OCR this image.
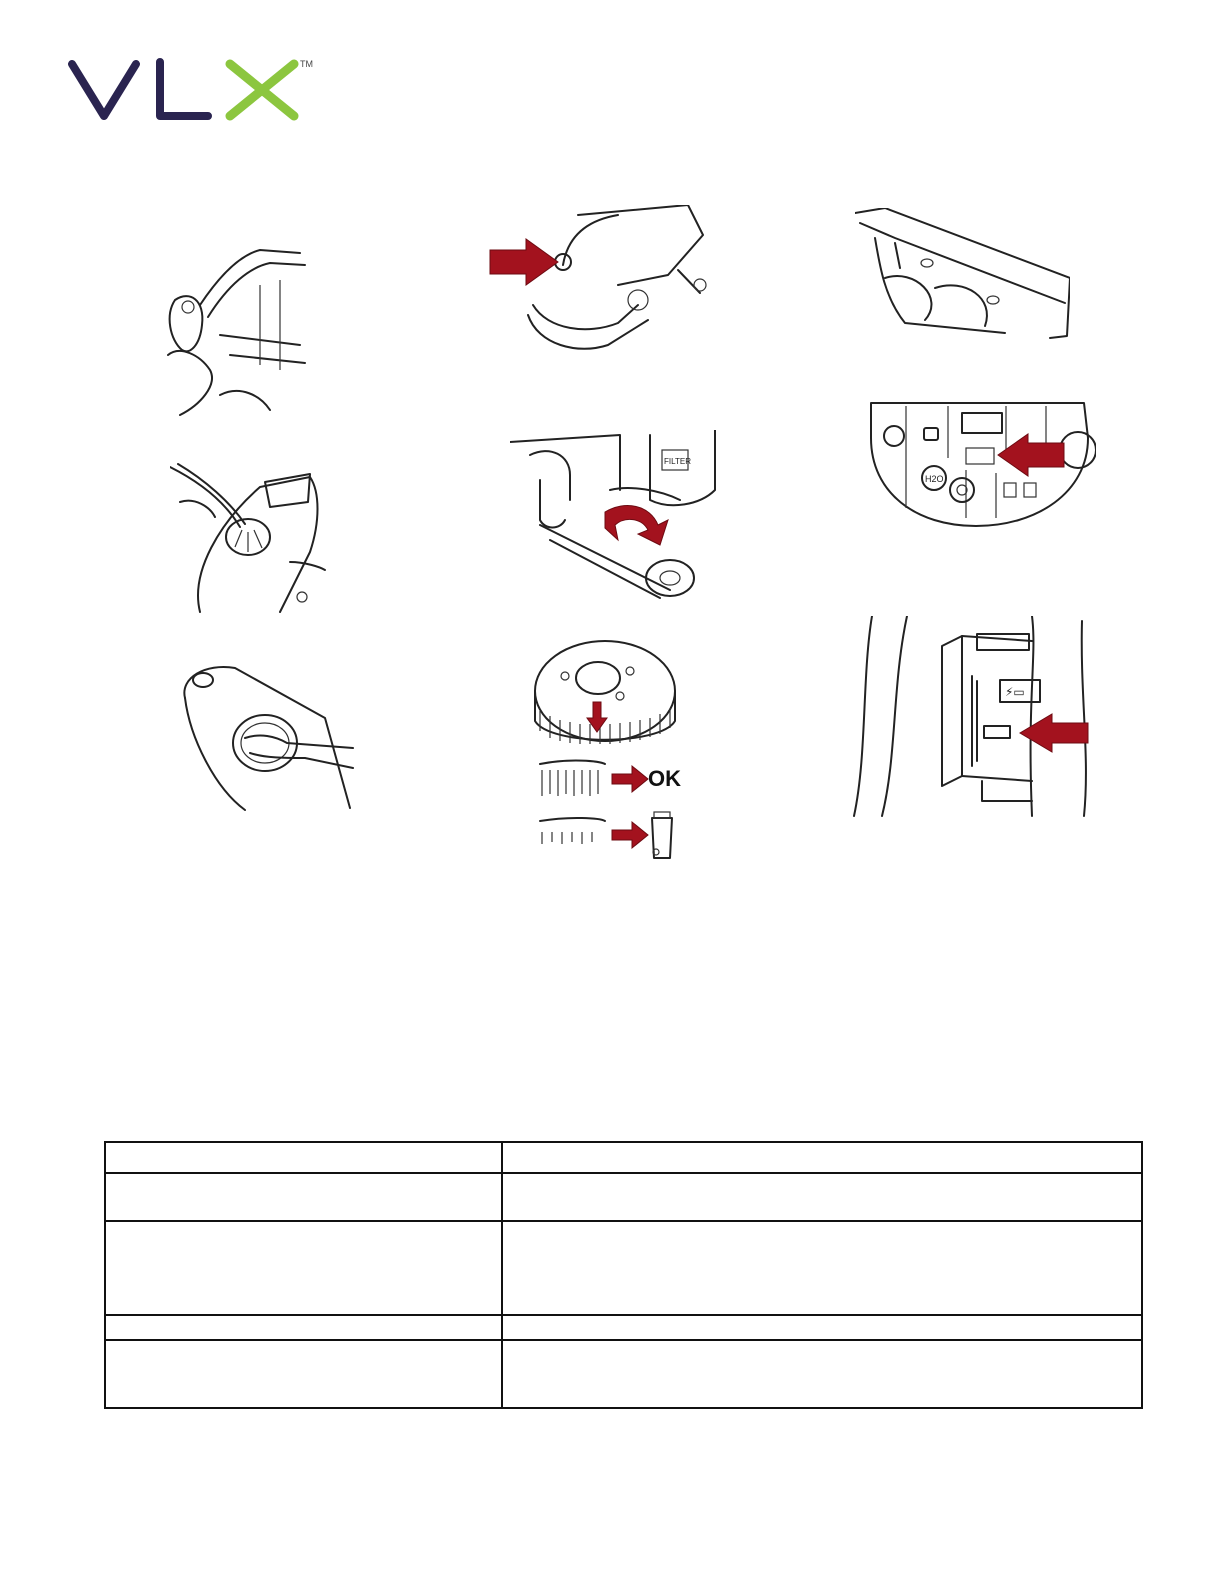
TM
FILTER
OK
H2O
⚡▭
